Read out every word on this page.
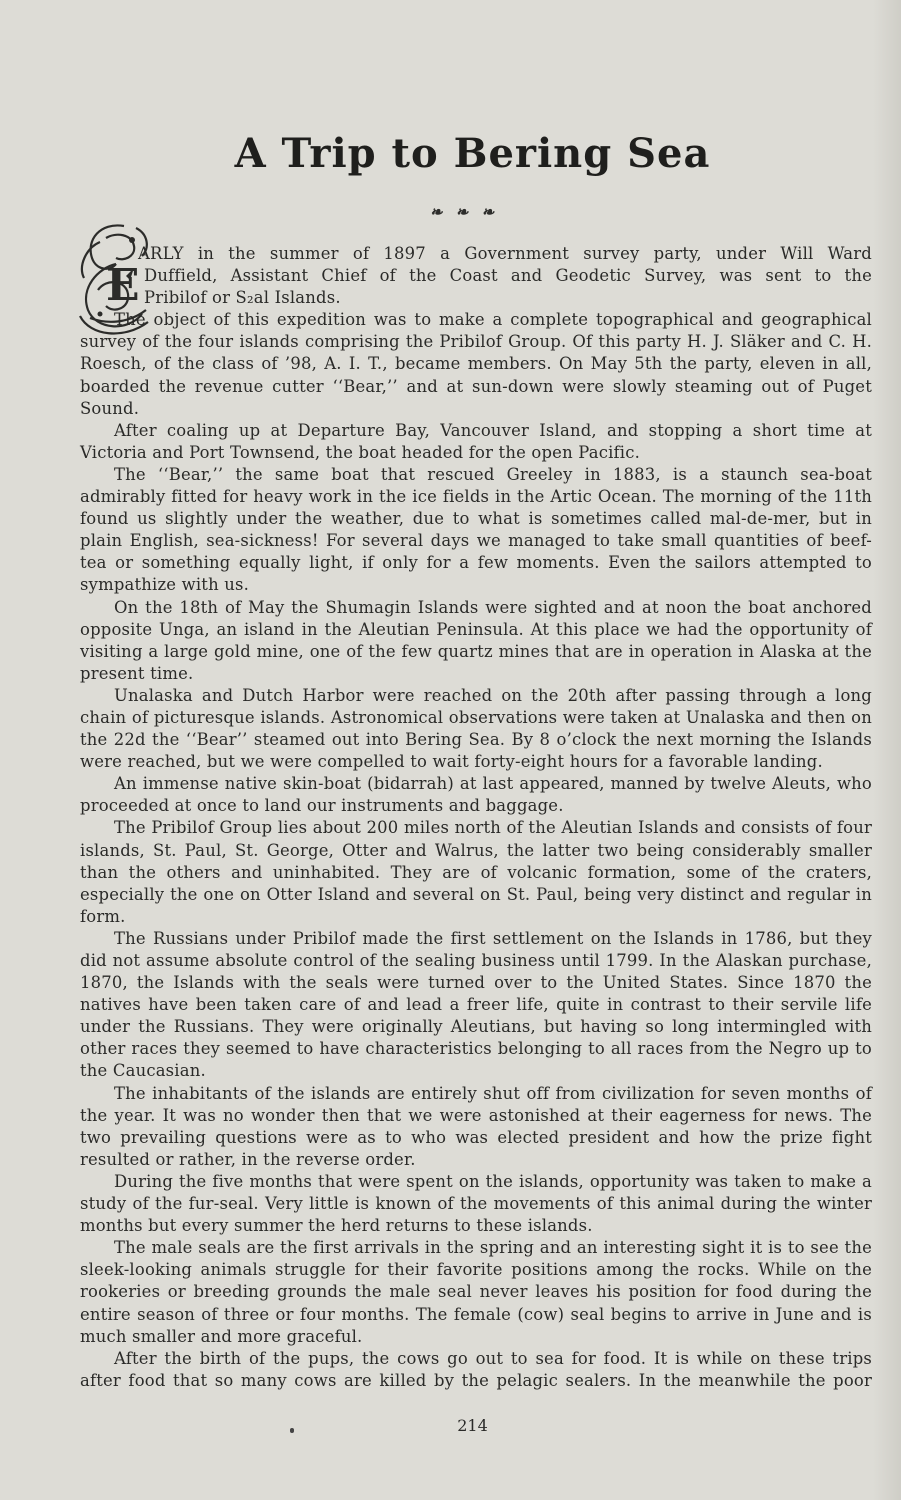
A Trip to Bering Sea
❧ ❧ ❧
E

ARLY in the summer of 1897 a Government survey party, under Will Ward
Duffield, Assistant Chief of the Coast and Geodetic Survey, was sent to the
Pribilof or S₂al Islands.

The object of this expedition was to make a complete topographical and geographical survey of the four islands comprising the Pribilof Group. Of this party H. J. Släker and C. H. Roesch, of the class of ’98, A. I. T., became members. On May 5th the party, eleven in all, boarded the revenue cutter ‘‘Bear,’’ and at sun-down were slowly steaming out of Puget Sound.

After coaling up at Departure Bay, Vancouver Island, and stopping a short time at Victoria and Port Townsend, the boat headed for the open Pacific.

The ‘‘Bear,’’ the same boat that rescued Greeley in 1883, is a staunch sea-boat admirably fitted for heavy work in the ice fields in the Artic Ocean. The morning of the 11th found us slightly under the weather, due to what is sometimes called mal-de-mer, but in plain English, sea-sickness! For several days we managed to take small quantities of beef-tea or something equally light, if only for a few moments. Even the sailors attempted to sympathize with us.

On the 18th of May the Shumagin Islands were sighted and at noon the boat anchored opposite Unga, an island in the Aleutian Peninsula. At this place we had the opportunity of visiting a large gold mine, one of the few quartz mines that are in operation in Alaska at the present time.

Unalaska and Dutch Harbor were reached on the 20th after passing through a long chain of picturesque islands. Astronomical observations were taken at Unalaska and then on the 22d the ‘‘Bear’’ steamed out into Bering Sea. By 8 o’clock the next morning the Islands were reached, but we were compelled to wait forty-eight hours for a favorable landing.

An immense native skin-boat (bidarrah) at last appeared, manned by twelve Aleuts, who proceeded at once to land our instruments and baggage.

The Pribilof Group lies about 200 miles north of the Aleutian Islands and consists of four islands, St. Paul, St. George, Otter and Walrus, the latter two being considerably smaller than the others and uninhabited. They are of volcanic formation, some of the craters, especially the one on Otter Island and several on St. Paul, being very distinct and regular in form.

The Russians under Pribilof made the first settlement on the Islands in 1786, but they did not assume absolute control of the sealing business until 1799. In the Alaskan purchase, 1870, the Islands with the seals were turned over to the United States. Since 1870 the natives have been taken care of and lead a freer life, quite in contrast to their servile life under the Russians. They were originally Aleutians, but having so long intermingled with other races they seemed to have characteristics belonging to all races from the Negro up to the Caucasian.

The inhabitants of the islands are entirely shut off from civilization for seven months of the year. It was no wonder then that we were astonished at their eagerness for news. The two prevailing questions were as to who was elected president and how the prize fight resulted or rather, in the reverse order.

During the five months that were spent on the islands, opportunity was taken to make a study of the fur-seal. Very little is known of the movements of this animal during the winter months but every summer the herd returns to these islands.

The male seals are the first arrivals in the spring and an interesting sight it is to see the sleek-looking animals struggle for their favorite positions among the rocks. While on the rookeries or breeding grounds the male seal never leaves his position for food during the entire season of three or four months. The female (cow) seal begins to arrive in June and is much smaller and more graceful.

After the birth of the pups, the cows go out to sea for food. It is while on these trips after food that so many cows are killed by the pelagic sealers. In the meanwhile the poor

214
